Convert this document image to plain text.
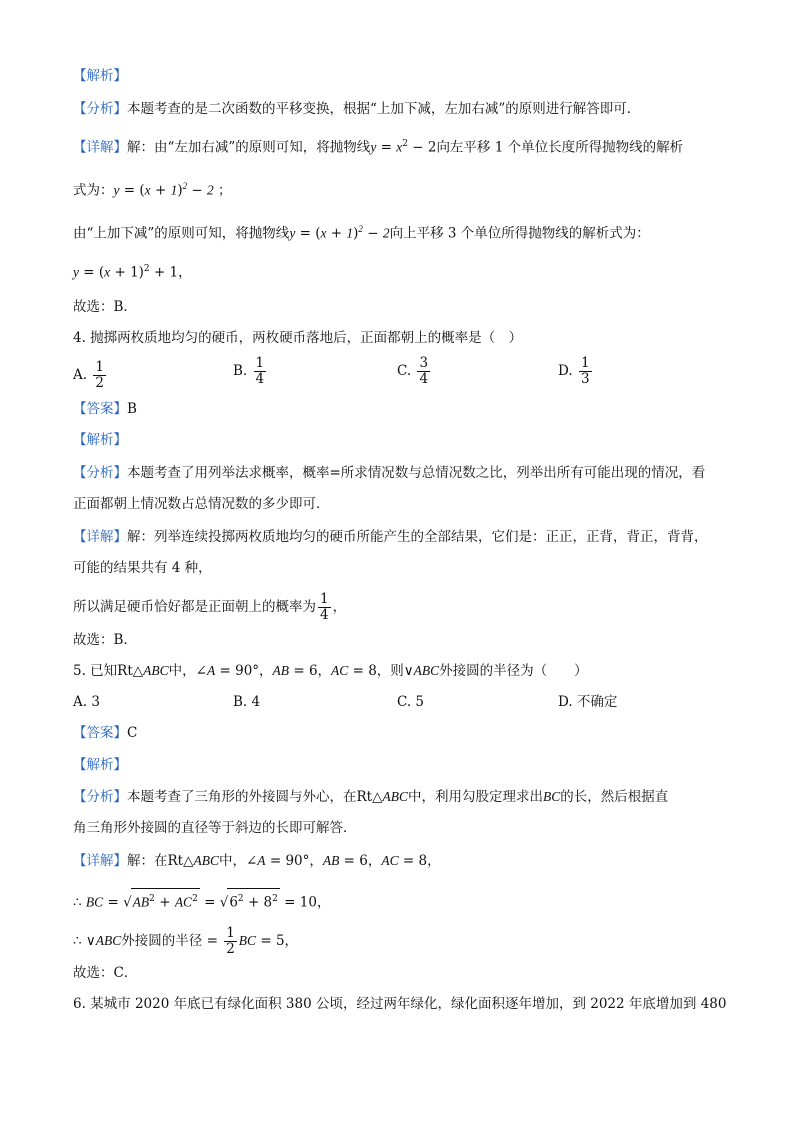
【解析】
【分析】本题考查的是二次函数的平移变换，根据“上加下减，左加右减”的原则进行解答即可．
【详解】解：由“左加右减”的原则可知，将抛物线$y = x^2 - 2$向左平移 1 个单位长度所得抛物线的解析
式为：$y = (x + 1)^2 - 2$ ；
由“上加下减”的原则可知，将抛物线$y = (x + 1)^2 - 2$向上平移 3 个单位所得抛物线的解析式为：
$y = (x + 1)^2 + 1$，
故选：B．
4. 抛掷两枚质地均匀的硬币，两枚硬币落地后，正面都朝上的概率是（　）
A. $\frac{1}{2}$	B. $\frac{1}{4}$	C. $\frac{3}{4}$	D. $\frac{1}{3}$
【答案】B
【解析】
【分析】本题考查了用列举法求概率，概率=所求情况数与总情况数之比，列举出所有可能出现的情况，看
正面都朝上情况数占总情况数的多少即可．
【详解】解：列举连续投掷两枚质地均匀的硬币所能产生的全部结果，它们是：正正，正背，背正，背背，
可能的结果共有 4 种，
所以满足硬币恰好都是正面朝上的概率为 $\frac{1}{4}$ ，
故选：B．
5. 已知Rt△ABC中，∠A = 90°，AB = 6，AC = 8，则∨ABC外接圆的半径为（　　）
A. 3	B. 4	C. 5	D. 不确定
【答案】C
【解析】
【分析】本题考查了三角形的外接圆与外心，在Rt△ABC中，利用勾股定理求出BC的长，然后根据直
角三角形外接圆的直径等于斜边的长即可解答．
【详解】解：在Rt△ABC中，∠A = 90°，AB = 6，AC = 8，
∴ BC = $√AB^2 + AC^2 = √6^2 + 8^2 = 10$，
∴ ∨ABC外接圆的半径 = $\frac{1}{2}$ BC = 5，
故选：C．
6. 某城市 2020 年底已有绿化面积 380 公顷，经过两年绿化，绿化面积逐年增加，到 2022 年底增加到 480
